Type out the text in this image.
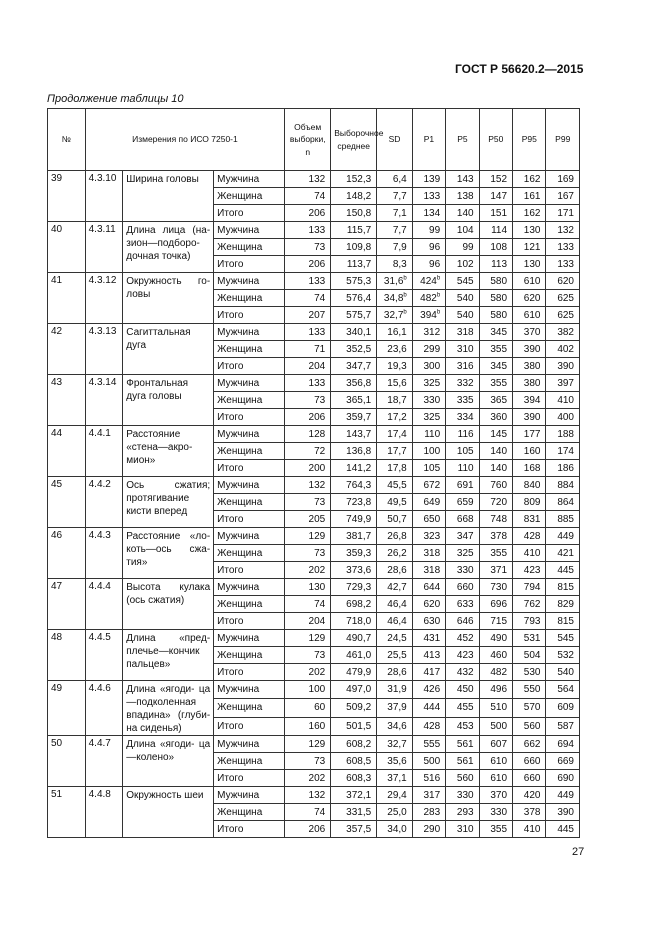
ГОСТ Р 56620.2—2015
Продолжение таблицы 10
№	Измерения по ИСО 7250-1			Объем выборки, n	Выборочное среднее	SD	P1	P5	P50	P95	P99
39	4.3.10	Ширина головы	Мужчина	132	152,3	6,4	139	143	152	162	169
			Женщина	74	148,2	7,7	133	138	147	161	167
			Итого	206	150,8	7,1	134	140	151	162	171
40	4.3.11	Длина лица (на- зион—подборо- дочная точка)	Мужчина	133	115,7	7,7	99	104	114	130	132
			Женщина	73	109,8	7,9	96	99	108	121	133
			Итого	206	113,7	8,3	96	102	113	130	133
41	4.3.12	Окружность го- ловы	Мужчина	133	575,3	31,6$^b$	424$^b$	545	580	610	620
			Женщина	74	576,4	34,8$^b$	482$^b$	540	580	620	625
			Итого	207	575,7	32,7$^b$	394$^b$	540	580	610	625
42	4.3.13	Сагиттальная дуга	Мужчина	133	340,1	16,1	312	318	345	370	382
			Женщина	71	352,5	23,6	299	310	355	390	402
			Итого	204	347,7	19,3	300	316	345	380	390
43	4.3.14	Фронтальная дуга головы	Мужчина	133	356,8	15,6	325	332	355	380	397
			Женщина	73	365,1	18,7	330	335	365	394	410
			Итого	206	359,7	17,2	325	334	360	390	400
44	4.4.1	Расстояние «стена—акро- мион»	Мужчина	128	143,7	17,4	110	116	145	177	188
			Женщина	72	136,8	17,7	100	105	140	160	174
			Итого	200	141,2	17,8	105	110	140	168	186
45	4.4.2	Ось сжатия; протягивание кисти вперед	Мужчина	132	764,3	45,5	672	691	760	840	884
			Женщина	73	723,8	49,5	649	659	720	809	864
			Итого	205	749,9	50,7	650	668	748	831	885
46	4.4.3	Расстояние «ло- коть—ось сжа- тия»	Мужчина	129	381,7	26,8	323	347	378	428	449
			Женщина	73	359,3	26,2	318	325	355	410	421
			Итого	202	373,6	28,6	318	330	371	423	445
47	4.4.4	Высота кулака (ось сжатия)	Мужчина	130	729,3	42,7	644	660	730	794	815
			Женщина	74	698,2	46,4	620	633	696	762	829
			Итого	204	718,0	46,4	630	646	715	793	815
48	4.4.5	Длина «пред- плечье—кончик пальцев»	Мужчина	129	490,7	24,5	431	452	490	531	545
			Женщина	73	461,0	25,5	413	423	460	504	532
			Итого	202	479,9	28,6	417	432	482	530	540
49	4.4.6	Длина «ягоди- ца—подколенная впадина» (глуби- на сиденья)	Мужчина	100	497,0	31,9	426	450	496	550	564
			Женщина	60	509,2	37,9	444	455	510	570	609
			Итого	160	501,5	34,6	428	453	500	560	587
50	4.4.7	Длина «ягоди- ца—колено»	Мужчина	129	608,2	32,7	555	561	607	662	694
			Женщина	73	608,5	35,6	500	561	610	660	669
			Итого	202	608,3	37,1	516	560	610	660	690
51	4.4.8	Окружность шеи	Мужчина	132	372,1	29,4	317	330	370	420	449
			Женщина	74	331,5	25,0	283	293	330	378	390
			Итого	206	357,5	34,0	290	310	355	410	445
27
